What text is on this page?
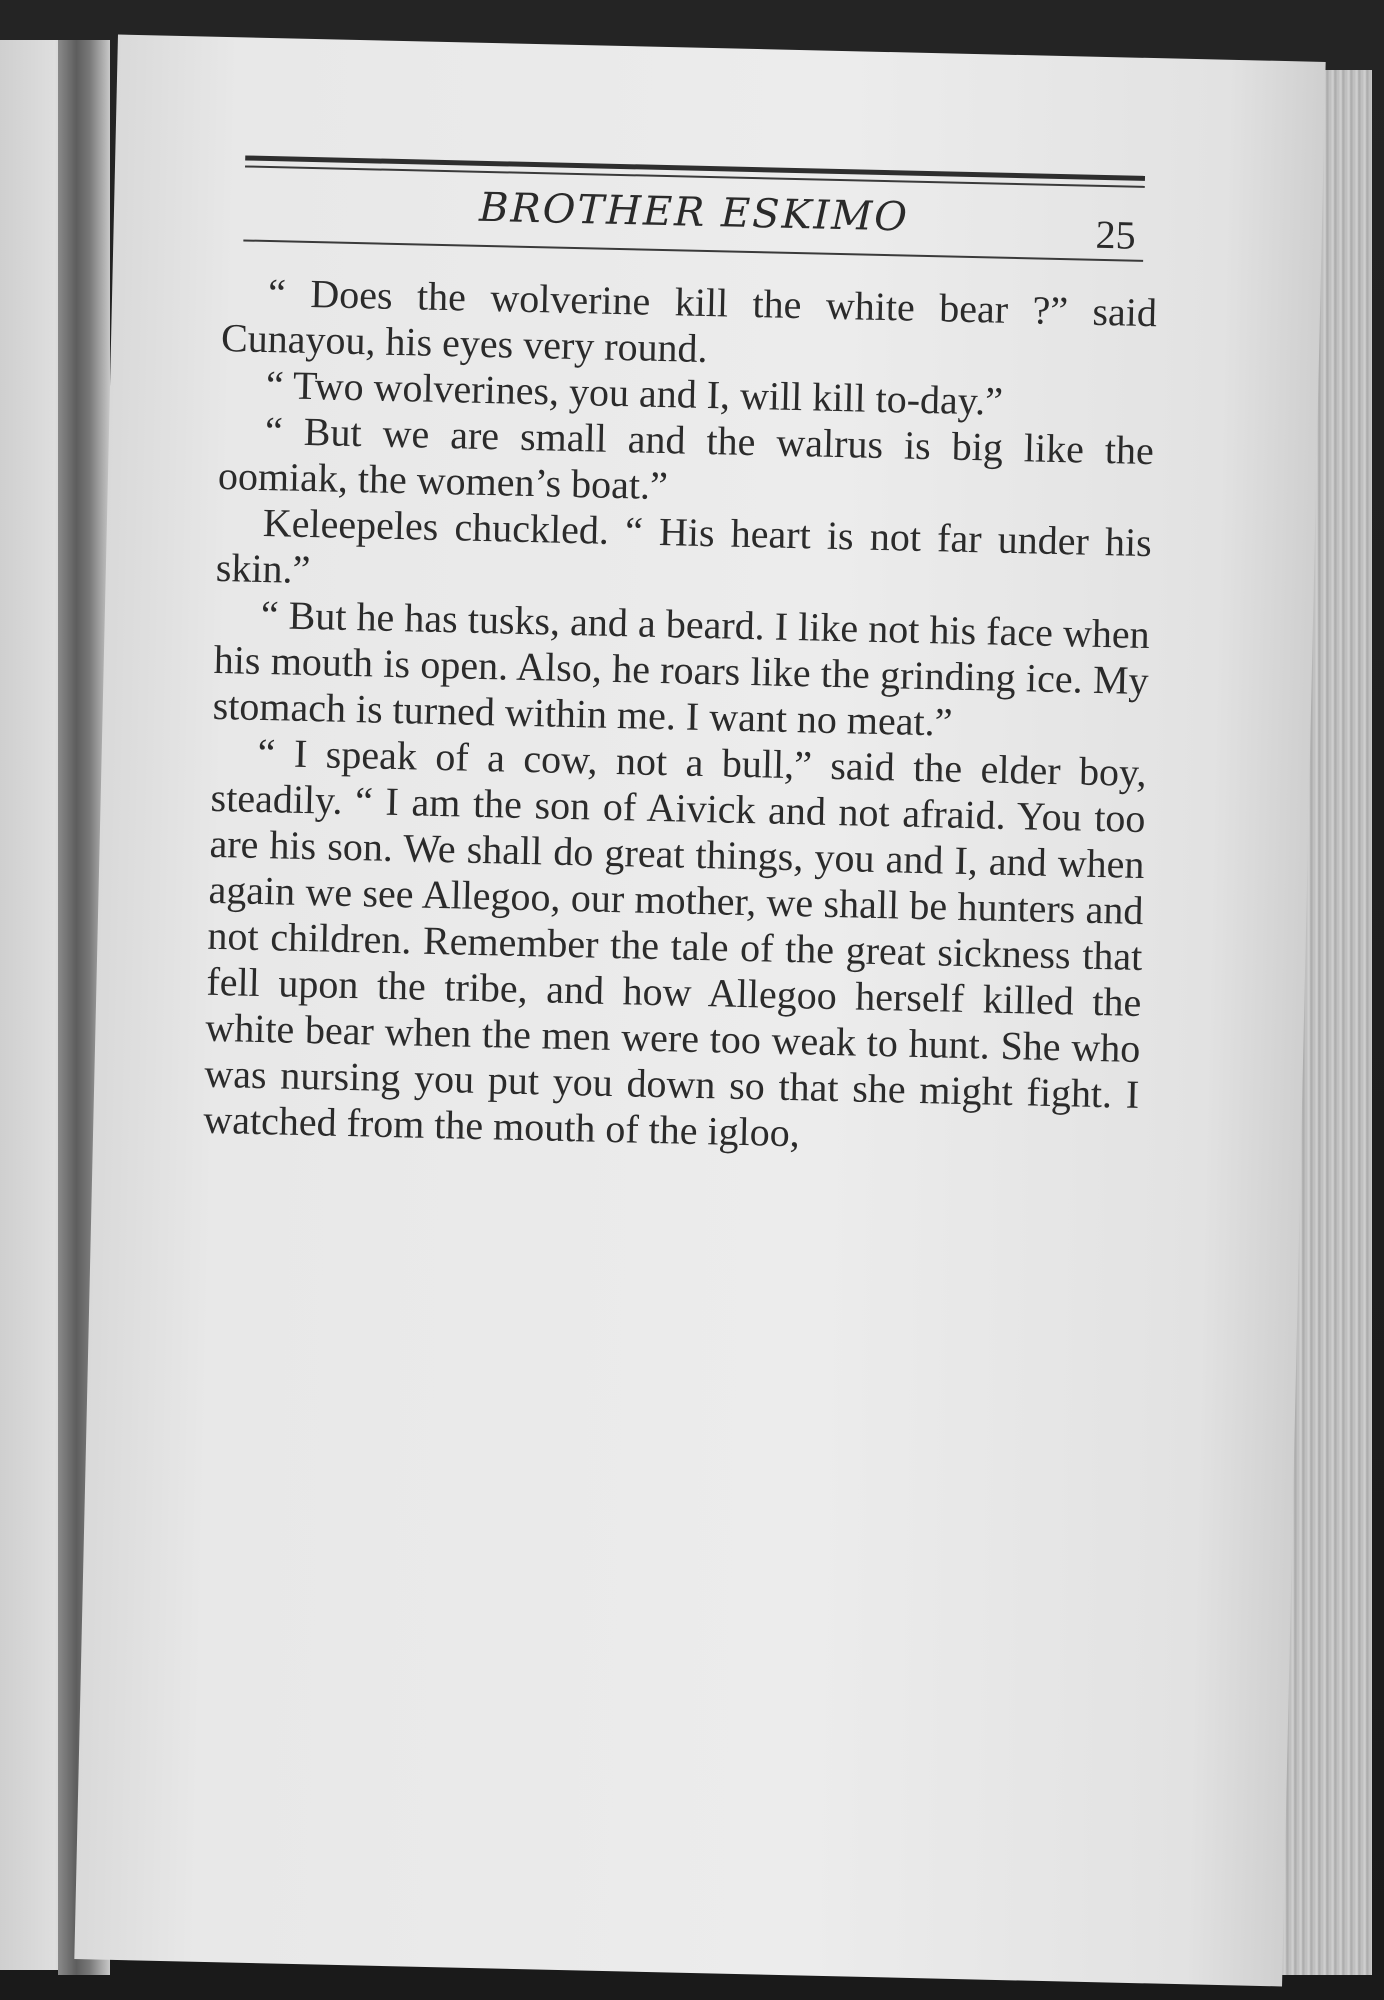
BROTHER ESKIMO	25

“ Does the wolverine kill the white bear ?” said Cunayou, his eyes very round.

“ Two wolverines, you and I, will kill to-day.”

“ But we are small and the walrus is big like the oomiak, the women’s boat.”

Keleepeles chuckled. “ His heart is not far under his skin.”

“ But he has tusks, and a beard. I like not his face when his mouth is open. Also, he roars like the grinding ice. My stomach is turned within me. I want no meat.”

“ I speak of a cow, not a bull,” said the elder boy, steadily. “ I am the son of Aivick and not afraid. You too are his son. We shall do great things, you and I, and when again we see Allegoo, our mother, we shall be hunters and not children. Remember the tale of the great sickness that fell upon the tribe, and how Allegoo herself killed the white bear when the men were too weak to hunt. She who was nursing you put you down so that she might fight. I watched from the mouth of the igloo,
